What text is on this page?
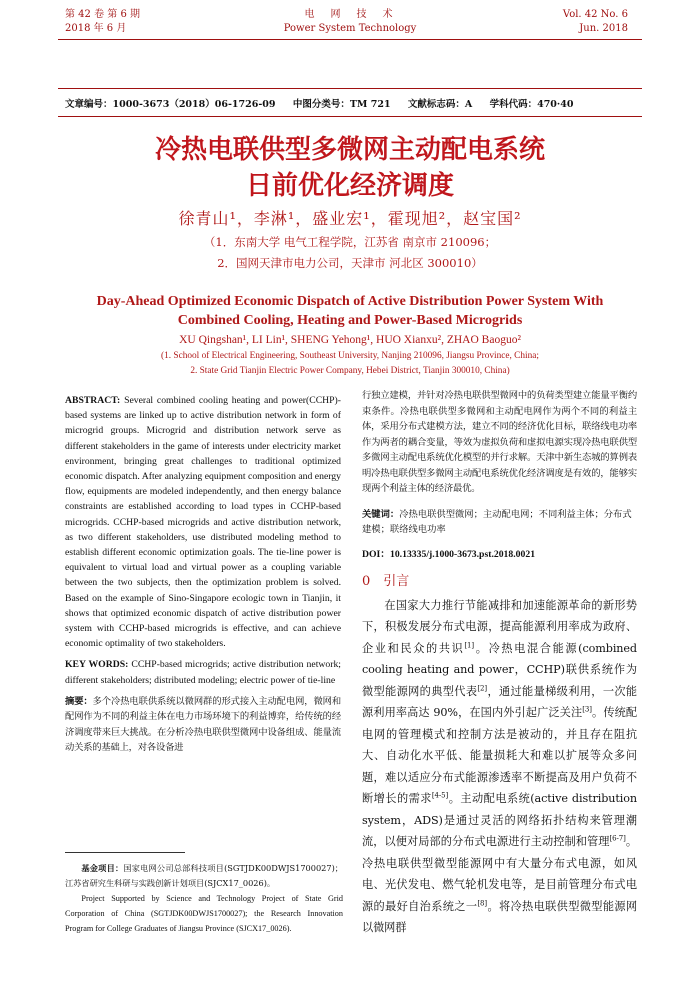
第 42 卷 第 6 期
2018 年 6 月
电　网　技　术
Power System Technology
Vol. 42 No. 6
Jun. 2018
文章编号：1000-3673（2018）06-1726-09 中图分类号：TM 721 文献标志码：A 学科代码：470·40
冷热电联供型多微网主动配电系统
日前优化经济调度
徐青山¹，李淋¹，盛业宏¹，霍现旭²，赵宝国²
（1．东南大学 电气工程学院，江苏省 南京市 210096；
2．国网天津市电力公司，天津市 河北区 300010）
Day-Ahead Optimized Economic Dispatch of Active Distribution Power System With
Combined Cooling, Heating and Power-Based Microgrids
XU Qingshan¹, LI Lin¹, SHENG Yehong¹, HUO Xianxu², ZHAO Baoguo²
(1. School of Electrical Engineering, Southeast University, Nanjing 210096, Jiangsu Province, China;
2. State Grid Tianjin Electric Power Company, Hebei District, Tianjin 300010, China)

ABSTRACT: Several combined cooling heating and power(CCHP)-based systems are linked up to active distribution network in form of microgrid groups. Microgrid and distribution network serve as different stakeholders in the game of interests under electricity market environment, bringing great challenges to traditional optimized economic dispatch. After analyzing equipment composition and energy flow, equipments are modeled independently, and then energy balance constraints are established according to load types in CCHP-based microgrids. CCHP-based microgrids and active distribution network, as two different stakeholders, use distributed modeling method to establish different economic optimization goals. The tie-line power is equivalent to virtual load and virtual power as a coupling variable between the two subjects, then the optimization problem is solved. Based on the example of Sino-Singapore ecologic town in Tianjin, it shows that optimized economic dispatch of active distribution power system with CCHP-based microgrids is effective, and can achieve economic optimality of two stakeholders.

KEY WORDS: CCHP-based microgrids; active distribution network; different stakeholders; distributed modeling; electric power of tie-line

摘要：多个冷热电联供系统以微网群的形式接入主动配电网，微网和配网作为不同的利益主体在电力市场环境下的利益博弈，给传统的经济调度带来巨大挑战。在分析冷热电联供型微网中设备组成、能量流动关系的基础上，对各设备进

基金项目：国家电网公司总部科技项目(SGTJDK00DWJS1700027)；江苏省研究生科研与实践创新计划项目(SJCX17_0026)。

Project Supported by Science and Technology Project of State Grid Corporation of China (SGTJDK00DWJS1700027); the Research Innovation Program for College Graduates of Jiangsu Province (SJCX17_0026).

行独立建模，并针对冷热电联供型微网中的负荷类型建立能量平衡约束条件。冷热电联供型多微网和主动配电网作为两个不同的利益主体，采用分布式建模方法，建立不同的经济优化目标，联络线电功率作为两者的耦合变量，等效为虚拟负荷和虚拟电源实现冷热电联供型多微网主动配电系统优化模型的并行求解。天津中新生态城的算例表明冷热电联供型多微网主动配电系统优化经济调度是有效的，能够实现两个利益主体的经济最优。

关键词：冷热电联供型微网；主动配电网；不同利益主体；分布式建模；联络线电功率

DOI：10.13335/j.1000-3673.pst.2018.0021

0　引言

在国家大力推行节能减排和加速能源革命的新形势下，积极发展分布式电源，提高能源利用率成为政府、企业和民众的共识[1]。冷热电混合能源(combined cooling heating and power，CCHP)联供系统作为微型能源网的典型代表[2]，通过能量梯级利用，一次能源利用率高达 90%，在国内外引起广泛关注[3]。传统配电网的管理模式和控制方法是被动的，并且存在阻抗大、自动化水平低、能量损耗大和难以扩展等众多问题，难以适应分布式能源渗透率不断提高及用户负荷不断增长的需求[4-5]。主动配电系统(active distribution system，ADS)是通过灵活的网络拓扑结构来管理潮流，以便对局部的分布式电源进行主动控制和管理[6-7]。冷热电联供型微型能源网中有大量分布式电源，如风电、光伏发电、燃气轮机发电等，是目前管理分布式电源的最好自治系统之一[8]。将冷热电联供型微型能源网以微网群
